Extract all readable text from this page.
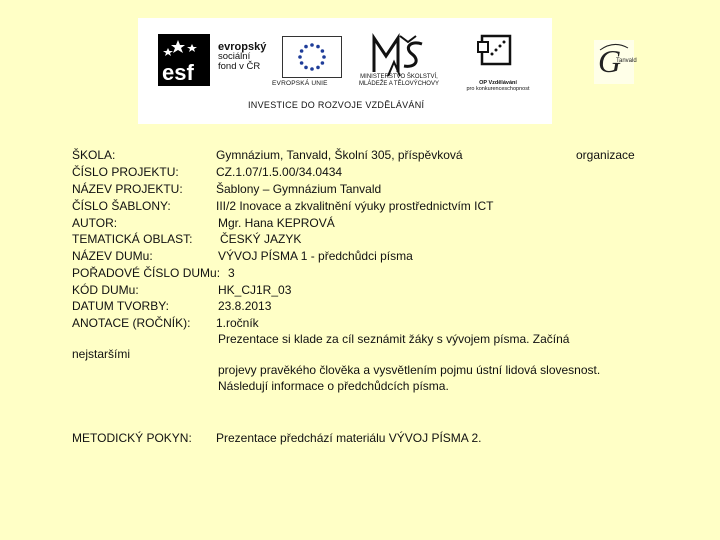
esf
evropský
sociální
fond v ČR
EVROPSKÁ UNIE
MINISTERSTVO ŠKOLSTVÍ,
MLÁDEŽE A TĚLOVÝCHOVY	OP Vzdělávání
pro konkurenceschopnost
INVESTICE DO ROZVOJE VZDĚLÁVÁNÍ
G
Tanvald
ŠKOLA:	Gymnázium, Tanvald, Školní 305, příspěvková	organizace
ČÍSLO PROJEKTU:	CZ.1.07/1.5.00/34.0434
NÁZEV PROJEKTU:	Šablony – Gymnázium Tanvald
ČÍSLO ŠABLONY:	III/2 Inovace a zkvalitnění výuky prostřednictvím ICT
AUTOR:	Mgr. Hana KEPROVÁ
TEMATICKÁ OBLAST: ČESKÝ JAZYK
NÁZEV DUMu:	VÝVOJ PÍSMA 1 - předchůdci písma
POŘADOVÉ ČÍSLO DUMu: 3
KÓD DUMu:	HK_CJ1R_03
DATUM TVORBY:	23.8.2013
ANOTACE (ROČNÍK): 1.ročník
Prezentace si klade za cíl seznámit žáky s vývojem písma. Začíná
nejstaršími
projevy pravěkého člověka a vysvětlením pojmu ústní lidová slovesnost.
Následují informace o předchůdcích písma.
METODICKÝ POKYN: Prezentace předchází materiálu VÝVOJ PÍSMA 2.
